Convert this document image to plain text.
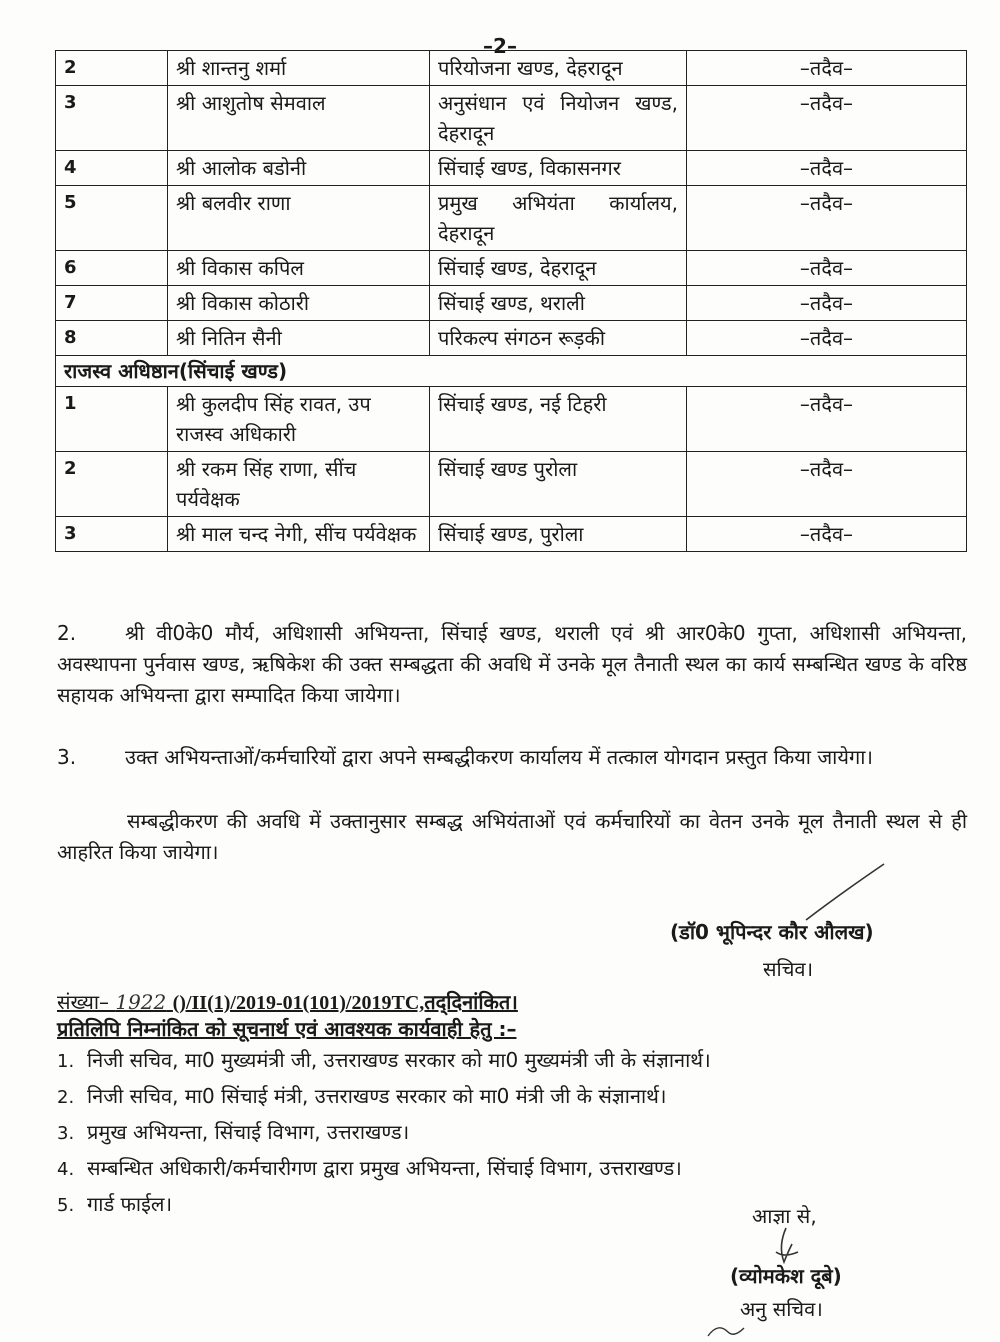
–2–
2	श्री शान्तनु शर्मा	परियोजना खण्ड, देहरादून	–तदैव–
3	श्री आशुतोष सेमवाल	अनुसंधान एवं नियोजन खण्ड, देहरादून	–तदैव–
4	श्री आलोक बडोनी	सिंचाई खण्ड, विकासनगर	–तदैव–
5	श्री बलवीर राणा	प्रमुख अभियंता कार्यालय, देहरादून	–तदैव–
6	श्री विकास कपिल	सिंचाई खण्ड, देहरादून	–तदैव–
7	श्री विकास कोठारी	सिंचाई खण्ड, थराली	–तदैव–
8	श्री नितिन सैनी	परिकल्प संगठन रूड़की	–तदैव–
राजस्व अधिष्ठान(सिंचाई खण्ड)			
1	श्री कुलदीप सिंह रावत, उप राजस्व अधिकारी	सिंचाई खण्ड, नई टिहरी	–तदैव–
2	श्री रकम सिंह राणा, सींच पर्यवेक्षक	सिंचाई खण्ड पुरोला	–तदैव–
3	श्री माल चन्द नेगी, सींच पर्यवेक्षक	सिंचाई खण्ड, पुरोला	–तदैव–
2. श्री वी0के0 मौर्य, अधिशासी अभियन्ता, सिंचाई खण्ड, थराली एवं श्री आर0के0 गुप्ता, अधिशासी अभियन्ता, अवस्थापना पुर्नवास खण्ड, ऋषिकेश की उक्त सम्बद्धता की अवधि में उनके मूल तैनाती स्थल का कार्य सम्बन्धित खण्ड के वरिष्ठ सहायक अभियन्ता द्वारा सम्पादित किया जायेगा।
3. उक्त अभियन्ताओं/कर्मचारियों द्वारा अपने सम्बद्धीकरण कार्यालय में तत्काल योगदान प्रस्तुत किया जायेगा।
सम्बद्धीकरण की अवधि में उक्तानुसार सम्बद्ध अभियंताओं एवं कर्मचारियों का वेतन उनके मूल तैनाती स्थल से ही आहरित किया जायेगा।
(डॉ0 भूपिन्दर कौर औलख)
सचिव।
संख्या– 1922 ()/II(1)/2019-01(101)/2019TC,तद्‌दिनांकित।
प्रतिलिपि निम्नांकित को सूचनार्थ एवं आवश्यक कार्यवाही हेतु :–
1. निजी सचिव, मा0 मुख्यमंत्री जी, उत्तराखण्ड सरकार को मा0 मुख्यमंत्री जी के संज्ञानार्थ।
2. निजी सचिव, मा0 सिंचाई मंत्री, उत्तराखण्ड सरकार को मा0 मंत्री जी के संज्ञानार्थ।
3. प्रमुख अभियन्ता, सिंचाई विभाग, उत्तराखण्ड।
4. सम्बन्धित अधिकारी/कर्मचारीगण द्वारा प्रमुख अभियन्ता, सिंचाई विभाग, उत्तराखण्ड।
5. गार्ड फाईल।	आज्ञा से,
(व्योमकेश दूबे)
अनु सचिव।
